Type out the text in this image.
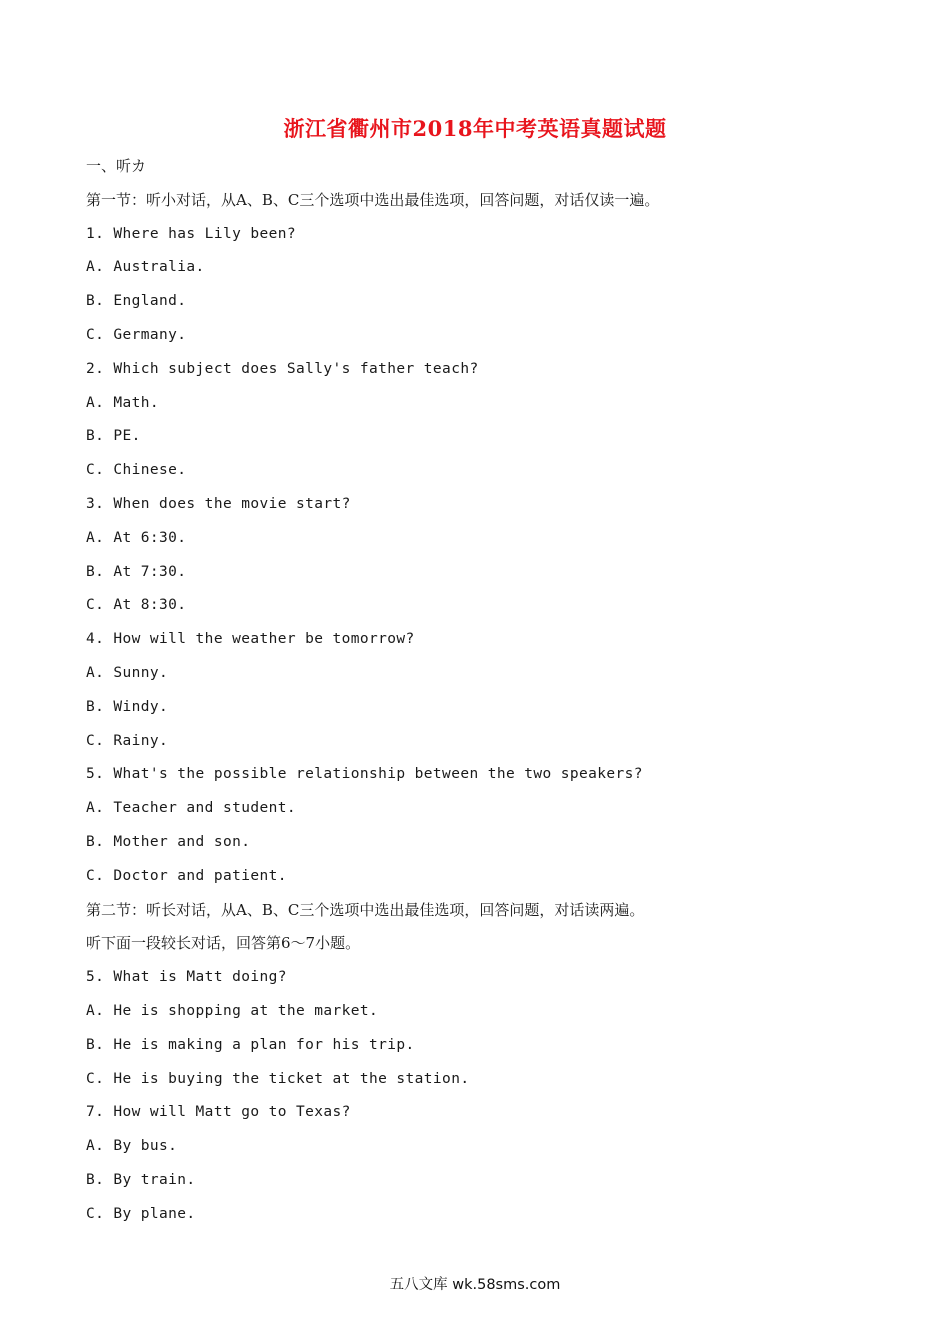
浙江省衢州市2018年中考英语真题试题
一、听カ
第一节：听小对话，从A、B、C三个选项中选出最佳选项，回答问题，对话仅读一遍。
1. Where has Lily been?
A. Australia.
B. England.
C. Germany.
2. Which subject does Sally's father teach?
A. Math.
B. PE.
C. Chinese.
3. When does the movie start?
A. At 6:30.
B. At 7:30.
C. At 8:30.
4. How will the weather be tomorrow?
A. Sunny.
B. Windy.
C. Rainy.
5. What's the possible relationship between the two speakers?
A. Teacher and student.
B. Mother and son.
C. Doctor and patient.
第二节：听长对话，从A、B、C三个选项中选出最佳选项，回答问题，对话读两遍。
听下面一段较长对话，回答第6～7小题。
5. What is Matt doing?
A. He is shopping at the market.
B. He is making a plan for his trip.
C. He is buying the ticket at the station.
7. How will Matt go to Texas?
A. By bus.
B. By train.
C. By plane.
五八文库 wk.58sms.com
